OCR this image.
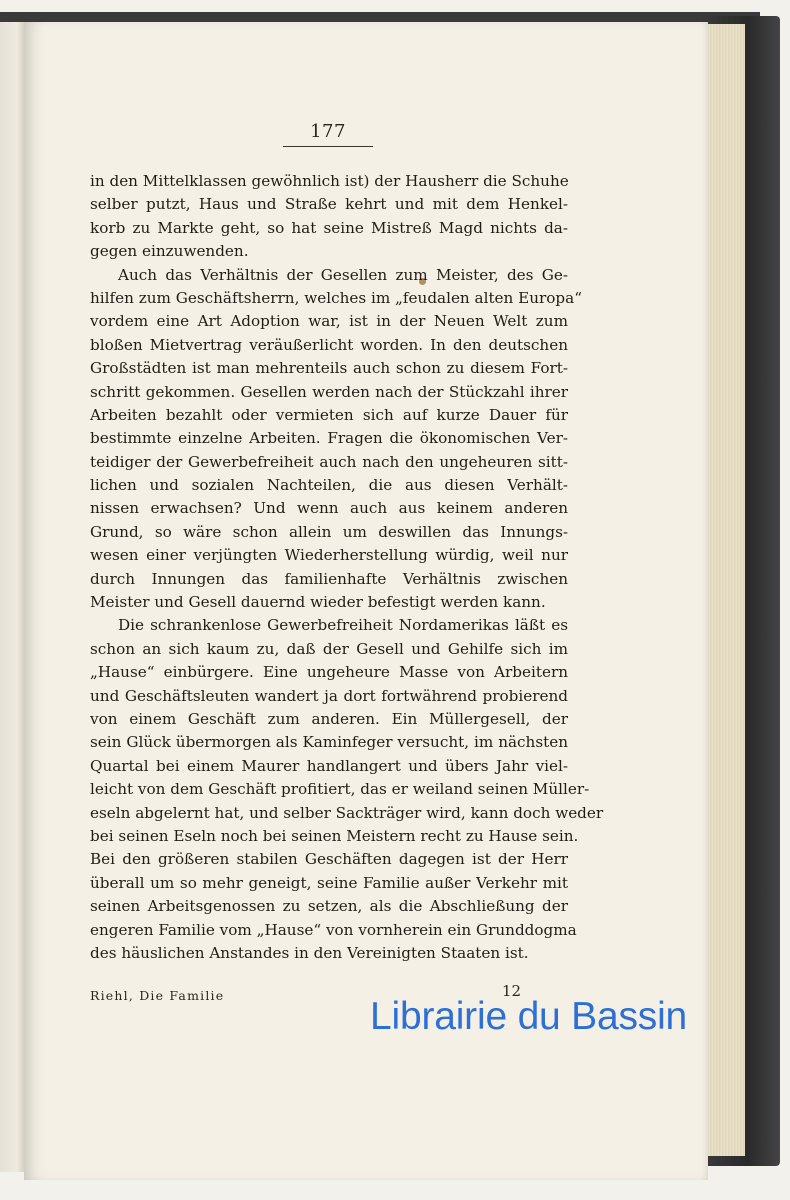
177
in den Mittelklassen gewöhnlich ist) der Hausherr die Schuhe
selber putzt, Haus und Straße kehrt und mit dem Henkel-
korb zu Markte geht, so hat seine Mistreß Magd nichts da-
gegen einzuwenden.
Auch das Verhältnis der Gesellen zum Meister, des Ge-
hilfen zum Geschäftsherrn, welches im „feudalen alten Europa“
vordem eine Art Adoption war, ist in der Neuen Welt zum
bloßen Mietvertrag veräußerlicht worden. In den deutschen
Großstädten ist man mehrenteils auch schon zu diesem Fort-
schritt gekommen. Gesellen werden nach der Stückzahl ihrer
Arbeiten bezahlt oder vermieten sich auf kurze Dauer für
bestimmte einzelne Arbeiten. Fragen die ökonomischen Ver-
teidiger der Gewerbefreiheit auch nach den ungeheuren sitt-
lichen und sozialen Nachteilen, die aus diesen Verhält-
nissen erwachsen? Und wenn auch aus keinem anderen
Grund, so wäre schon allein um deswillen das Innungs-
wesen einer verjüngten Wiederherstellung würdig, weil nur
durch Innungen das familienhafte Verhältnis zwischen
Meister und Gesell dauernd wieder befestigt werden kann.
Die schrankenlose Gewerbefreiheit Nordamerikas läßt es
schon an sich kaum zu, daß der Gesell und Gehilfe sich im
„Hause“ einbürgere. Eine ungeheure Masse von Arbeitern
und Geschäftsleuten wandert ja dort fortwährend probierend
von einem Geschäft zum anderen. Ein Müllergesell, der
sein Glück übermorgen als Kaminfeger versucht, im nächsten
Quartal bei einem Maurer handlangert und übers Jahr viel-
leicht von dem Geschäft profitiert, das er weiland seinen Müller-
eseln abgelernt hat, und selber Sackträger wird, kann doch weder
bei seinen Eseln noch bei seinen Meistern recht zu Hause sein.
Bei den größeren stabilen Geschäften dagegen ist der Herr
überall um so mehr geneigt, seine Familie außer Verkehr mit
seinen Arbeitsgenossen zu setzen, als die Abschließung der
engeren Familie vom „Hause“ von vornherein ein Grunddogma
des häuslichen Anstandes in den Vereinigten Staaten ist.
Riehl, Die Familie	12
Librairie du Bassin
